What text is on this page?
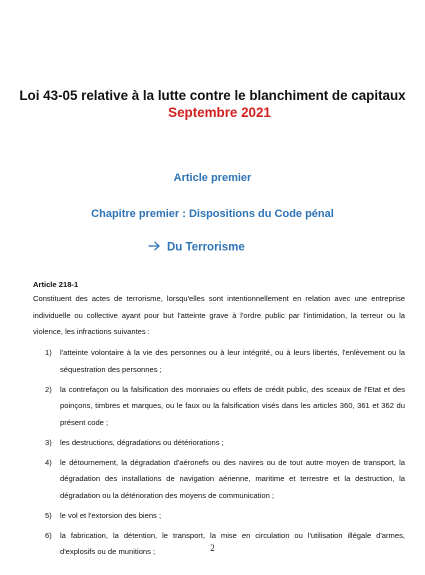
Loi 43-05 relative à la lutte contre le blanchiment de capitaux
Septembre 2021
Article premier
Chapitre premier : Dispositions du Code pénal
Du Terrorisme
Article 218-1
Constituent des actes de terrorisme, lorsqu'elles sont intentionnellement en relation avec une entreprise individuelle ou collective ayant pour but l'atteinte grave à l'ordre public par l'intimidation, la terreur ou la violence, les infractions suivantes :
1) l'atteinte volontaire à la vie des personnes ou à leur intégrité, ou à leurs libertés, l'enlèvement ou la séquestration des personnes ;
2) la contrefaçon ou la falsification des monnaies ou effets de crédit public, des sceaux de l'Etat et des poinçons, timbres et marques, ou le faux ou la falsification visés dans les articles 360, 361 et 362 du présent code ;
3) les destructions, dégradations ou détériorations ;
4) le détournement, la dégradation d'aéronefs ou des navires ou de tout autre moyen de transport, la dégradation des installations de navigation aérienne, maritime et terrestre et la destruction, la dégradation ou la détérioration des moyens de communication ;
5) le vol et l'extorsion des biens ;
6) la fabrication, la détention, le transport, la mise en circulation ou l'utilisation illégale d'armes, d'explosifs ou de munitions ;	2
